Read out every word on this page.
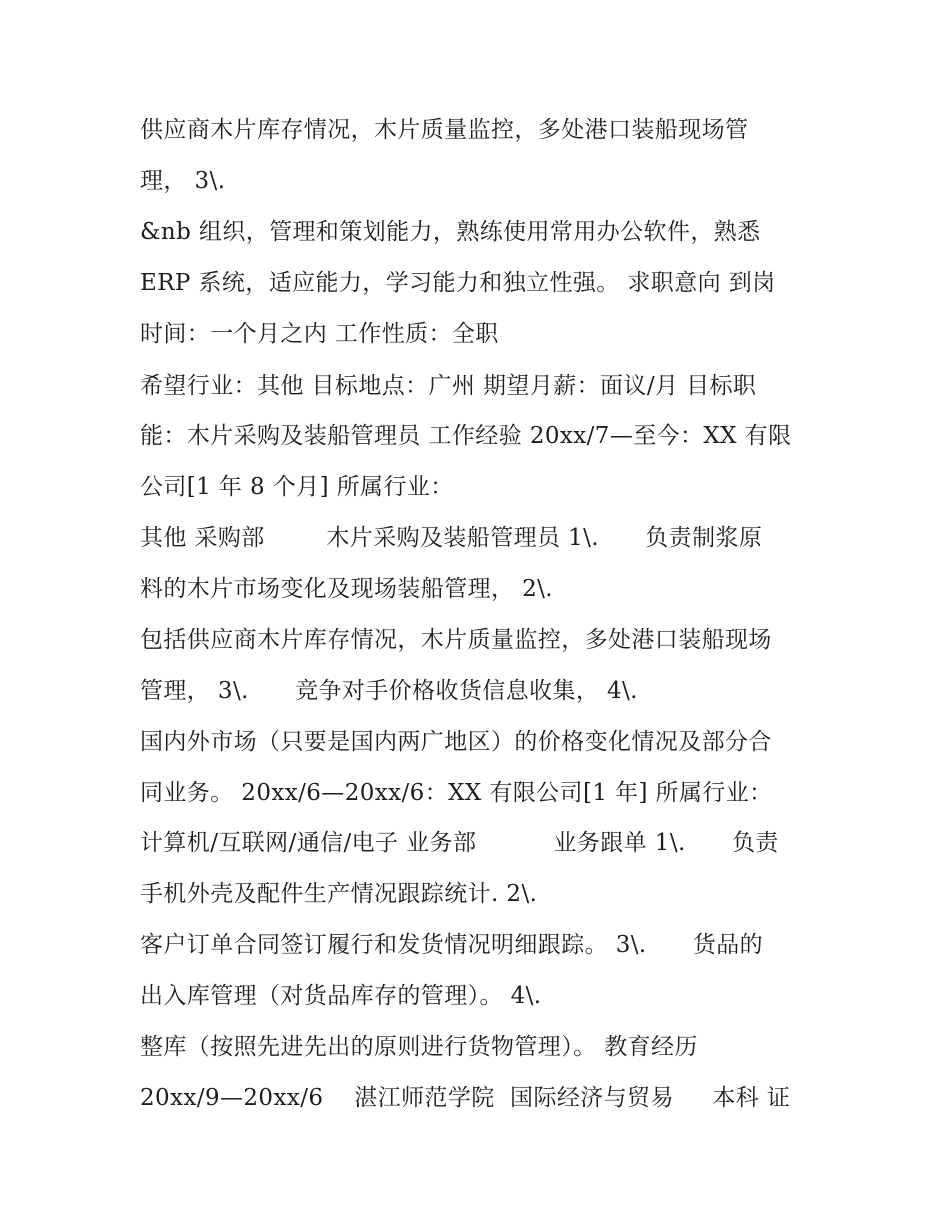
供应商木片库存情况，木片质量监控，多处港口装船现场管
理， 3\.
&nb 组织，管理和策划能力，熟练使用常用办公软件，熟悉
ERP 系统，适应能力，学习能力和独立性强。 求职意向 到岗
时间：一个月之内 工作性质：全职
希望行业：其他 目标地点：广州 期望月薪：面议/月 目标职
能：木片采购及装船管理员 工作经验 20xx/7—至今：XX 有限
公司[1 年 8 个月] 所属行业：
其他 采购部        木片采购及装船管理员 1\.      负责制浆原
料的木片市场变化及现场装船管理， 2\.
包括供应商木片库存情况，木片质量监控，多处港口装船现场
管理， 3\.      竞争对手价格收货信息收集， 4\.
国内外市场（只要是国内两广地区）的价格变化情况及部分合
同业务。 20xx/6—20xx/6：XX 有限公司[1 年] 所属行业：
计算机/互联网/通信/电子 业务部          业务跟单 1\.      负责
手机外壳及配件生产情况跟踪统计. 2\.
客户订单合同签订履行和发货情况明细跟踪。 3\.      货品的
出入库管理（对货品库存的管理）。 4\.
整库（按照先进先出的原则进行货物管理）。 教育经历
20xx/9—20xx/6    湛江师范学院  国际经济与贸易     本科 证
